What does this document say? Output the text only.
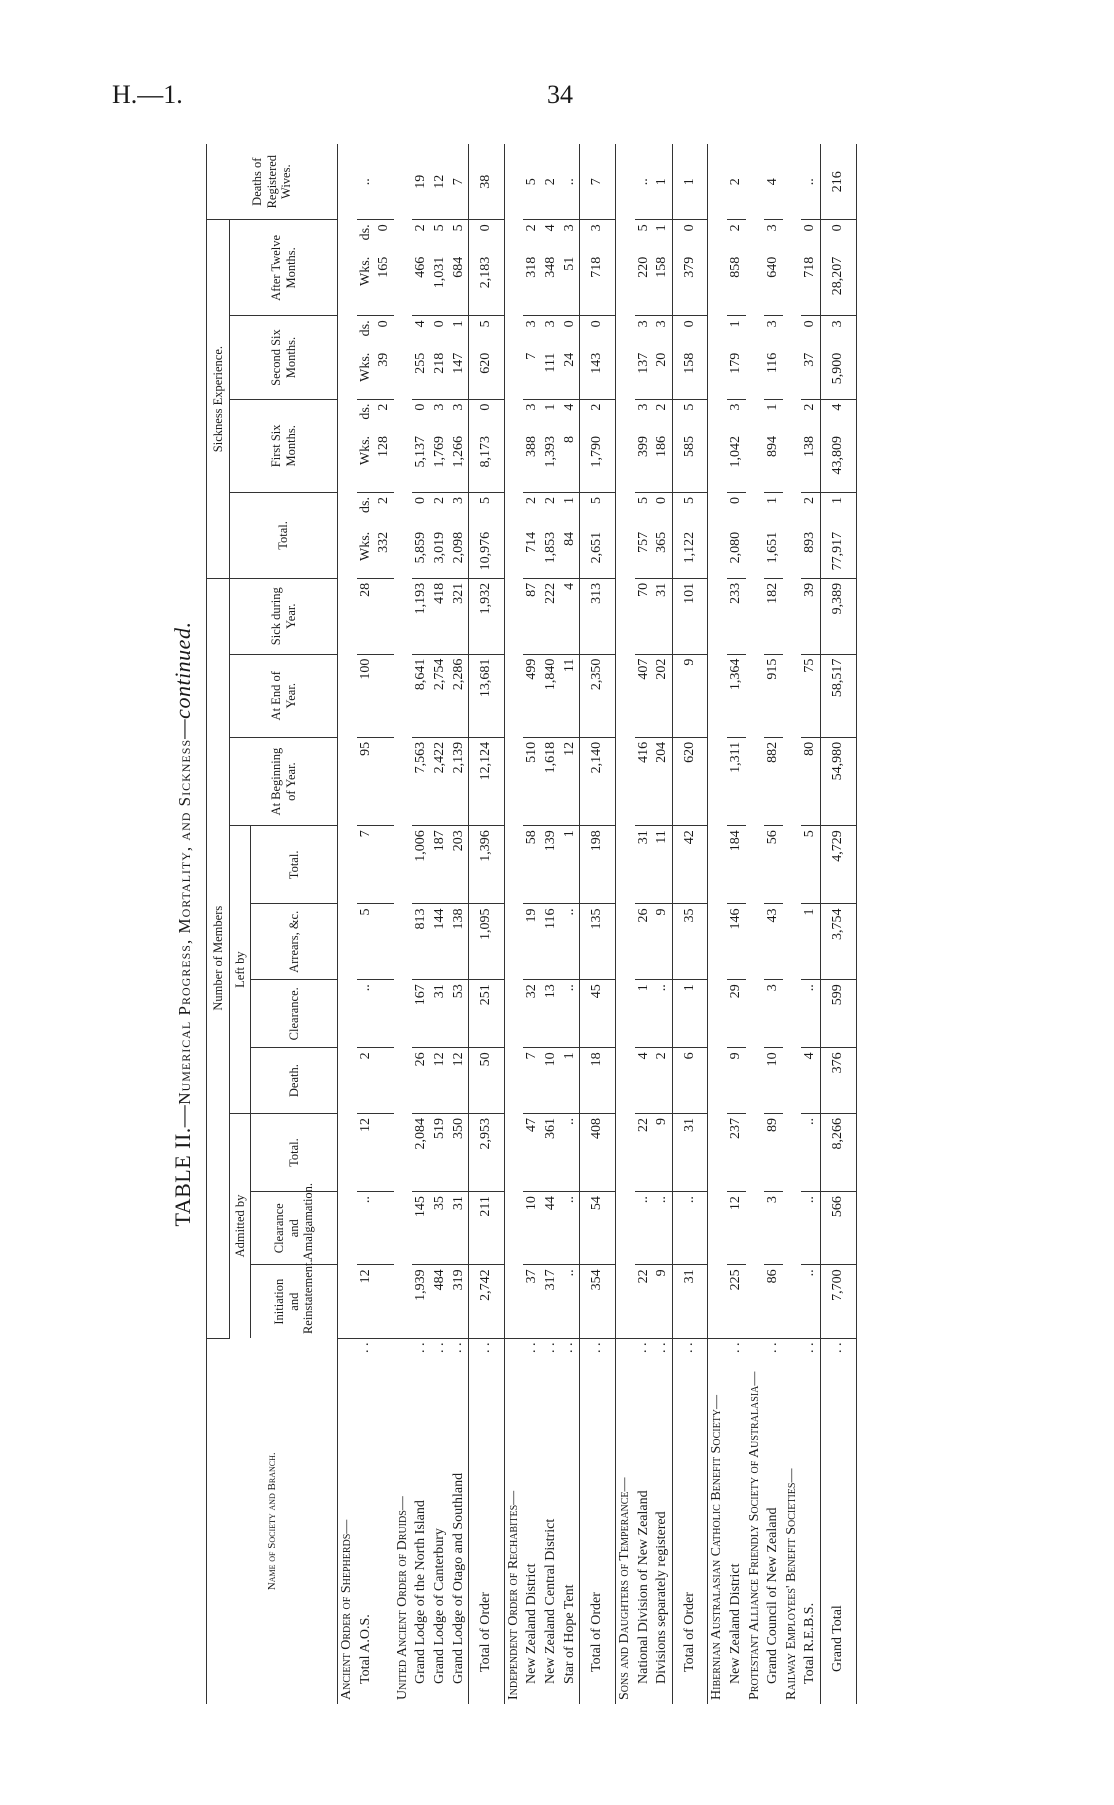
H.—1.	34
TABLE II.—Numerical Progress, Mortality, and Sickness—continued.
Name of Society and Branch.	Number of Members										Sickness Experience.								Deaths of Registered Wives.
	Admitted by			Left by				At Beginning of Year.	At End of Year.	Sick during Year.	Total.		First Six Months.		Second Six Months.		After Twelve Months.		
	Initiation and Reinstatement.	Clearance and Amalgamation.	Total.	Death.	Clearance.	Arrears, &c.	Total.												
Ancient Order of Shepherds—																			

Total A.O.S.
. .	12	..	12	2	..	5	7	95	100	28	Wks. 332	ds. 2	Wks. 128	ds. 2	Wks. 39	ds. 0	Wks. 165	ds. 0	..
United Ancient Order of Druids—																			

Grand Lodge of the North Island
. .	1,939	145	2,084	26	167	813	1,006	7,563	8,641	1,193	5,859	0	5,137	0	255	4	466	2	19

Grand Lodge of Canterbury
. .	484	35	519	12	31	144	187	2,422	2,754	418	3,019	2	1,769	3	218	0	1,031	5	12

Grand Lodge of Otago and Southland
. .	319	31	350	12	53	138	203	2,139	2,286	321	2,098	3	1,266	3	147	1	684	5	7

Total of Order
. .	2,742	211	2,953	50	251	1,095	1,396	12,124	13,681	1,932	10,976	5	8,173	0	620	5	2,183	0	38
Independent Order of Rechabites—																			

New Zealand District
. .	37	10	47	7	32	19	58	510	499	87	714	2	388	3	7	3	318	2	5

New Zealand Central District
. .	317	44	361	10	13	116	139	1,618	1,840	222	1,853	2	1,393	1	111	3	348	4	2

Star of Hope Tent
. .	..	..	..	1	..	..	1	12	11	4	84	1	8	4	24	0	51	3	..

Total of Order
. .	354	54	408	18	45	135	198	2,140	2,350	313	2,651	5	1,790	2	143	0	718	3	7
Sons and Daughters of Temperance—																			

National Division of New Zealand
. .	22	..	22	4	1	26	31	416	407	70	757	5	399	3	137	3	220	5	..

Divisions separately registered
. .	9	..	9	2	..	9	11	204	202	31	365	0	186	2	20	3	158	1	1

Total of Order
. .	31	..	31	6	1	35	42	620	9	101	1,122	5	585	5	158	0	379	0	1
Hibernian Australasian Catholic Benefit Society—																			

New Zealand District
. .	225	12	237	9	29	146	184	1,311	1,364	233	2,080	0	1,042	3	179	1	858	2	2
Protestant Alliance Friendly Society of Australasia—																			

Grand Council of New Zealand
. .	86	3	89	10	3	43	56	882	915	182	1,651	1	894	1	116	3	640	3	4
Railway Employees' Benefit Societies—																			

Total R.E.B.S.
. .	..	..	..	4	..	1	5	80	75	39	893	2	138	2	37	0	718	0	..

Grand Total
. .	7,700	566	8,266	376	599	3,754	4,729	54,980	58,517	9,389	77,917	1	43,809	4	5,900	3	28,207	0	216
